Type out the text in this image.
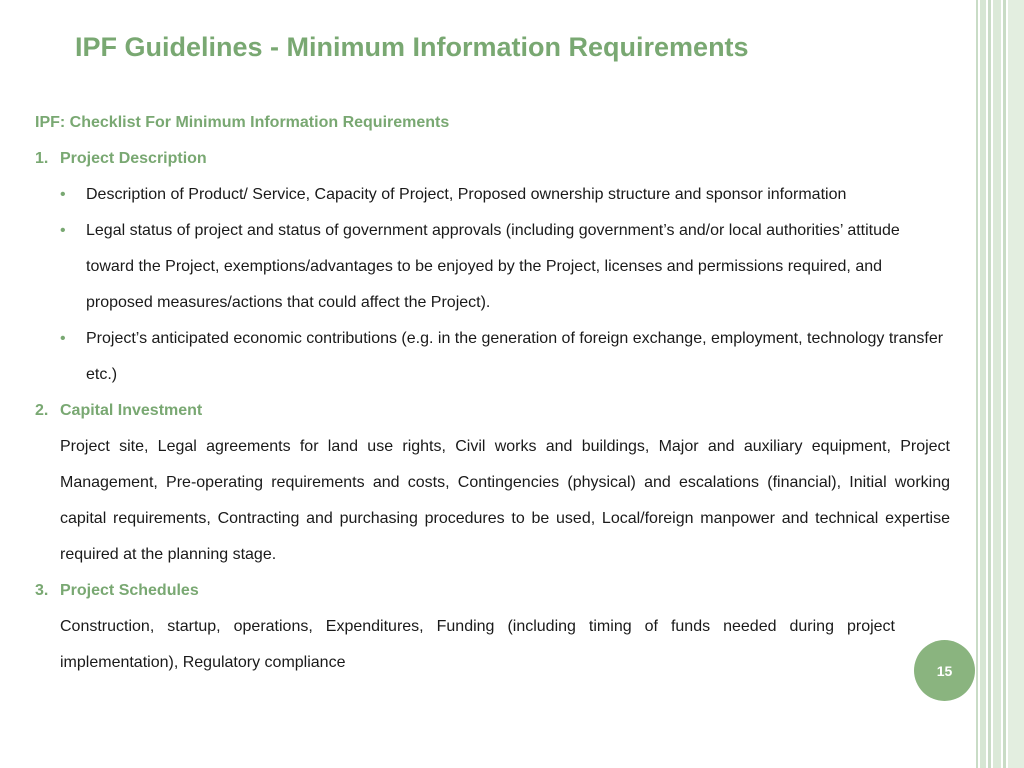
IPF Guidelines - Minimum Information Requirements
IPF: Checklist For Minimum Information Requirements
1. Project Description
• Description of Product/ Service, Capacity of Project, Proposed ownership structure and sponsor information
• Legal status of project and status of government approvals (including government’s and/or local authorities’ attitude toward the Project, exemptions/advantages to be enjoyed by the Project, licenses and permissions required, and proposed measures/actions that could affect the Project).
• Project’s anticipated economic contributions (e.g. in the generation of foreign exchange, employment, technology transfer etc.)
2. Capital Investment
Project site, Legal agreements for land use rights, Civil works and buildings, Major and auxiliary equipment, Project Management, Pre-operating requirements and costs, Contingencies (physical) and escalations (financial), Initial working capital requirements, Contracting and purchasing procedures to be used, Local/foreign manpower and technical expertise required at the planning stage.
3. Project Schedules
Construction, startup, operations, Expenditures, Funding (including timing of funds needed during project implementation), Regulatory compliance	15
